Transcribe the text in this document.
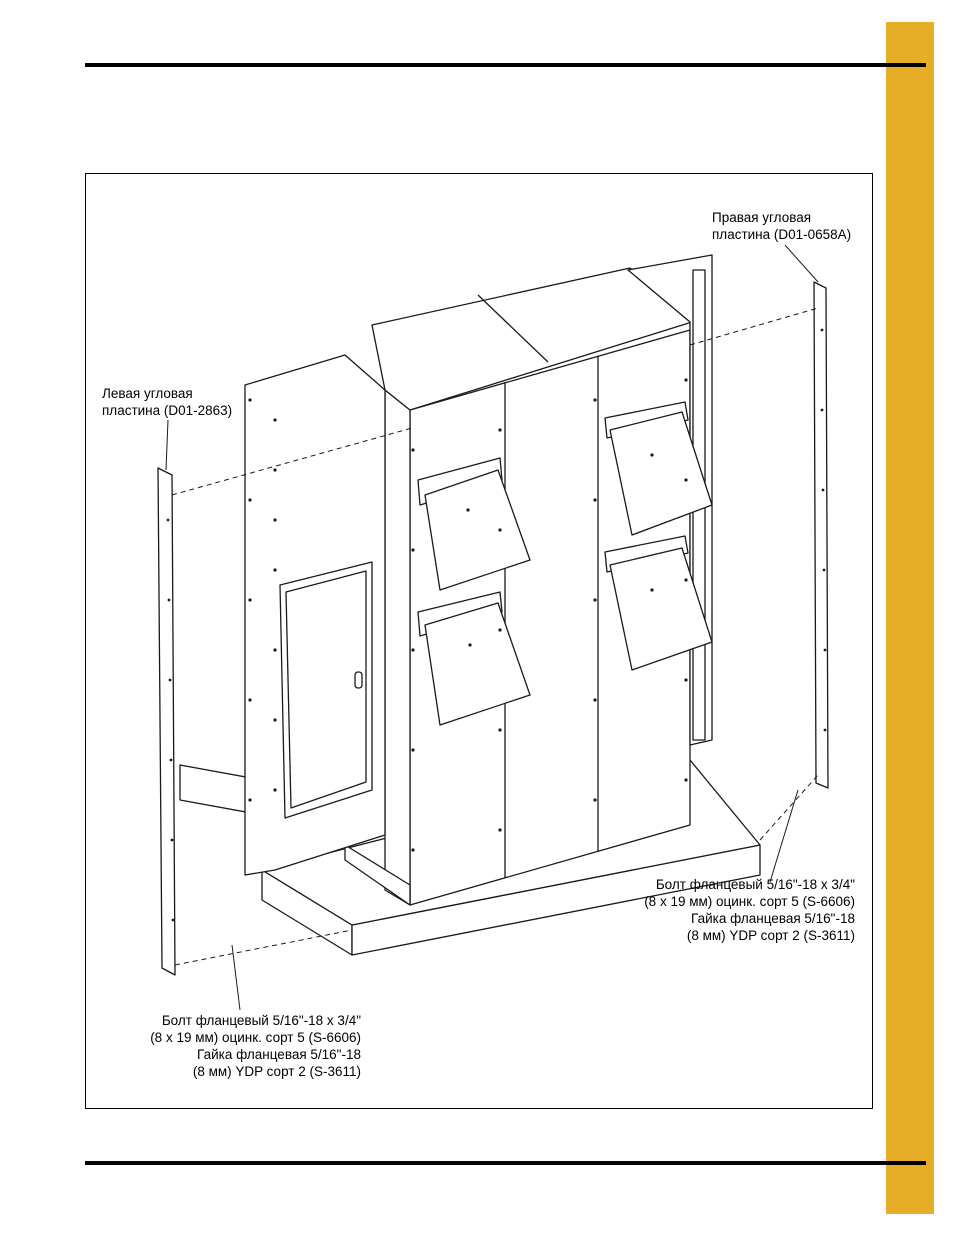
Правая угловая
пластина (D01-0658A)
Левая угловая
пластина (D01-2863)
Болт фланцевый 5/16"-18 x 3/4"
(8 x 19 мм) оцинк. сорт 5 (S-6606)
Гайка фланцевая 5/16"-18
(8 мм) YDP сорт 2 (S-3611)
Болт фланцевый 5/16"-18 x 3/4"
(8 x 19 мм) оцинк. сорт 5 (S-6606)
Гайка фланцевая 5/16"-18
(8 мм) YDP сорт 2 (S-3611)
